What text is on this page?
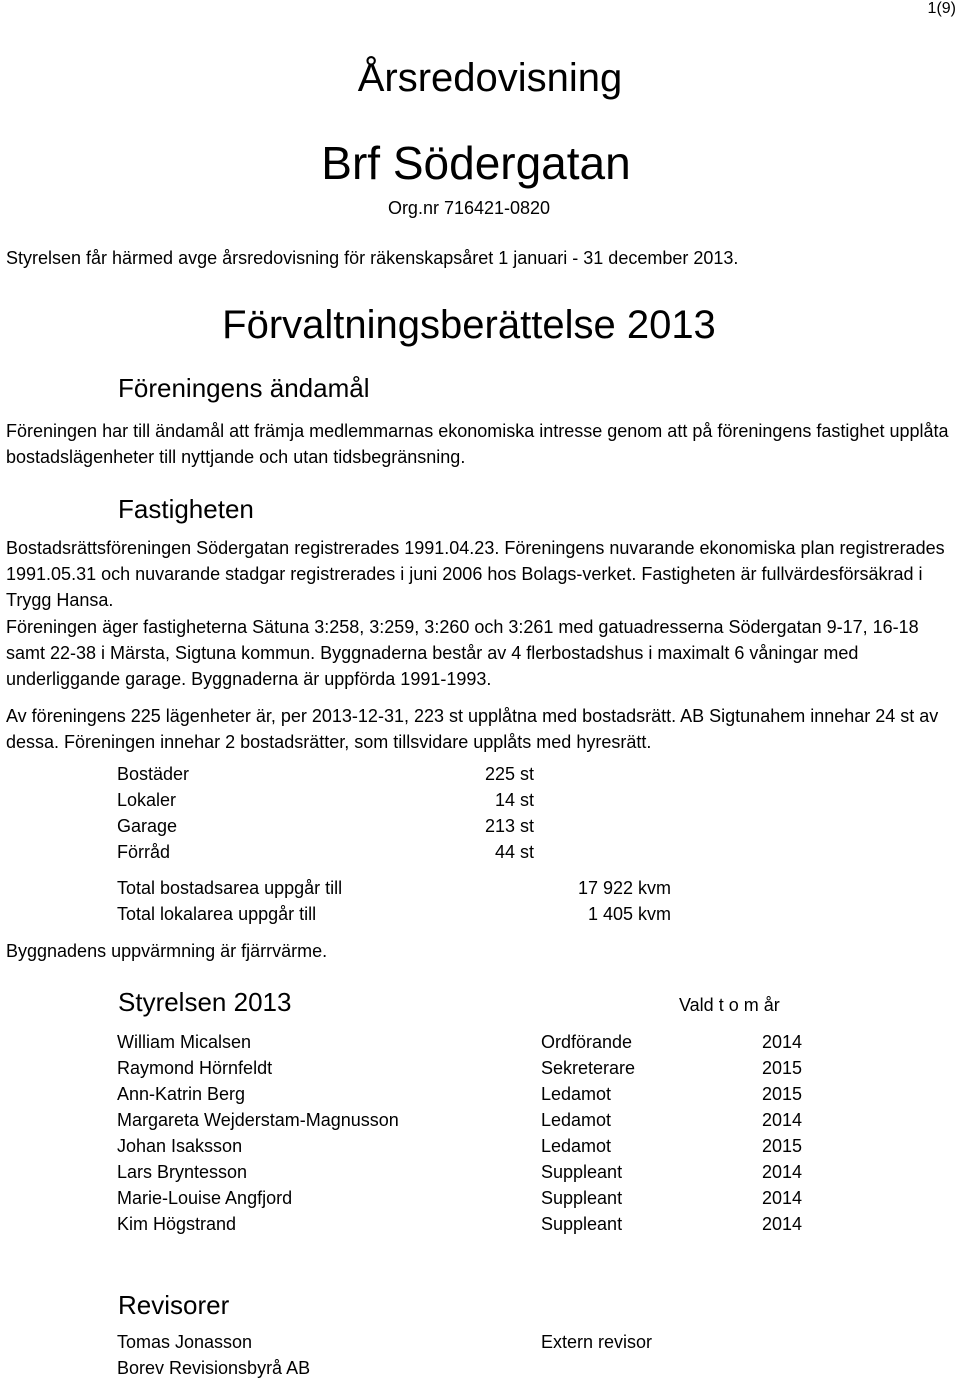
1(9)
Årsredovisning
Brf Södergatan
Org.nr 716421-0820
Styrelsen får härmed avge årsredovisning för räkenskapsåret 1 januari - 31 december 2013.
Förvaltningsberättelse 2013
Föreningens ändamål
Föreningen har till ändamål att främja medlemmarnas ekonomiska intresse genom att på föreningens fastighet upplåta bostadslägenheter till nyttjande och utan tidsbegränsning.
Fastigheten
Bostadsrättsföreningen Södergatan registrerades 1991.04.23. Föreningens nuvarande ekonomiska plan registrerades 1991.05.31 och nuvarande stadgar registrerades i juni 2006 hos Bolags-verket. Fastigheten är fullvärdesförsäkrad i Trygg Hansa.
Föreningen äger fastigheterna Sätuna 3:258, 3:259, 3:260 och 3:261 med gatuadresserna Södergatan 9-17, 16-18 samt 22-38 i Märsta, Sigtuna kommun. Byggnaderna består av 4 flerbostadshus i maximalt 6 våningar med underliggande garage. Byggnaderna är uppförda 1991-1993.
Av föreningens 225 lägenheter är, per 2013-12-31, 223 st upplåtna med bostadsrätt. AB Sigtunahem innehar 24 st av dessa. Föreningen innehar 2 bostadsrätter, som tillsvidare upplåts med hyresrätt.
Bostäder	225 st
Lokaler	14 st
Garage	213 st
Förråd	44 st
Total bostadsarea uppgår till	17 922 kvm
Total lokalarea uppgår till	1 405 kvm
Byggnadens uppvärmning är fjärrvärme.
Styrelsen 2013	Vald t o m år
William Micalsen	Ordförande	2014
Raymond Hörnfeldt	Sekreterare	2015
Ann-Katrin Berg	Ledamot	2015
Margareta Wejderstam-Magnusson	Ledamot	2014
Johan Isaksson	Ledamot	2015
Lars Bryntesson	Suppleant	2014
Marie-Louise Angfjord	Suppleant	2014
Kim Högstrand	Suppleant	2014
Revisorer
Tomas Jonasson	Extern revisor
Borev Revisionsbyrå AB
